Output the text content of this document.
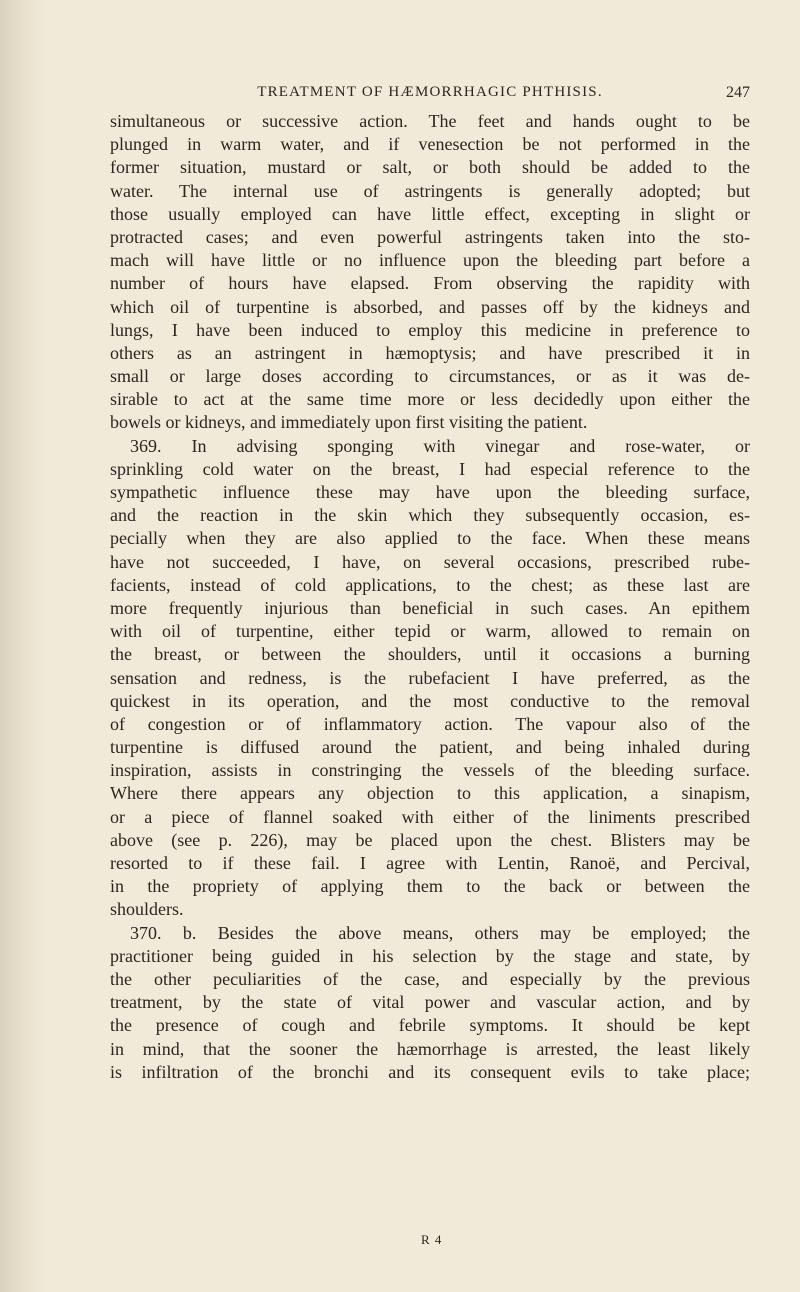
TREATMENT OF HÆMORRHAGIC PHTHISIS.	247
simultaneous or successive action. The feet and hands ought to be
plunged in warm water, and if venesection be not performed in the
former situation, mustard or salt, or both should be added to the
water. The internal use of astringents is generally adopted; but
those usually employed can have little effect, excepting in slight or
protracted cases; and even powerful astringents taken into the sto-
mach will have little or no influence upon the bleeding part before a
number of hours have elapsed. From observing the rapidity with
which oil of turpentine is absorbed, and passes off by the kidneys and
lungs, I have been induced to employ this medicine in preference to
others as an astringent in hæmoptysis; and have prescribed it in
small or large doses according to circumstances, or as it was de-
sirable to act at the same time more or less decidedly upon either the
bowels or kidneys, and immediately upon first visiting the patient.
369. In advising sponging with vinegar and rose-water, or
sprinkling cold water on the breast, I had especial reference to the
sympathetic influence these may have upon the bleeding surface,
and the reaction in the skin which they subsequently occasion, es-
pecially when they are also applied to the face. When these means
have not succeeded, I have, on several occasions, prescribed rube-
facients, instead of cold applications, to the chest; as these last are
more frequently injurious than beneficial in such cases. An epithem
with oil of turpentine, either tepid or warm, allowed to remain on
the breast, or between the shoulders, until it occasions a burning
sensation and redness, is the rubefacient I have preferred, as the
quickest in its operation, and the most conductive to the removal
of congestion or of inflammatory action. The vapour also of the
turpentine is diffused around the patient, and being inhaled during
inspiration, assists in constringing the vessels of the bleeding surface.
Where there appears any objection to this application, a sinapism,
or a piece of flannel soaked with either of the liniments prescribed
above (see p. 226), may be placed upon the chest. Blisters may be
resorted to if these fail. I agree with Lentin, Ranoë, and Percival,
in the propriety of applying them to the back or between the
shoulders.
370. b. Besides the above means, others may be employed; the
practitioner being guided in his selection by the stage and state, by
the other peculiarities of the case, and especially by the previous
treatment, by the state of vital power and vascular action, and by
the presence of cough and febrile symptoms. It should be kept
in mind, that the sooner the hæmorrhage is arrested, the least likely
is infiltration of the bronchi and its consequent evils to take place;
R 4
